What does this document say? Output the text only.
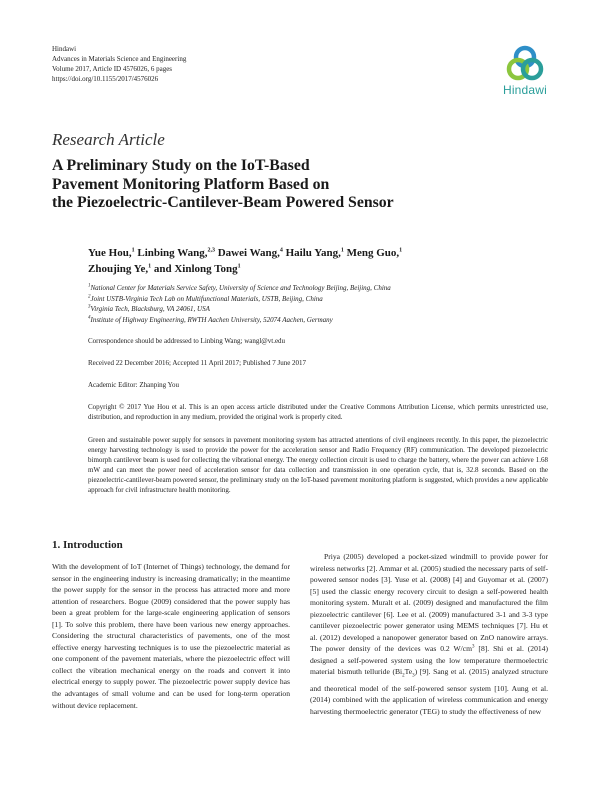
Hindawi
Advances in Materials Science and Engineering
Volume 2017, Article ID 4576026, 6 pages
https://doi.org/10.1155/2017/4576026
Hindawi
Research Article
A Preliminary Study on the IoT-Based
Pavement Monitoring Platform Based on
the Piezoelectric-Cantilever-Beam Powered Sensor
Yue Hou,$^1$ Linbing Wang,$^{2,3}$ Dawei Wang,$^4$ Hailu Yang,$^1$ Meng Guo,$^1$
Zhoujing Ye,$^1$ and Xinlong Tong$^1$
$^1$National Center for Materials Service Safety, University of Science and Technology Beijing, Beijing, China
$^2$Joint USTB-Virginia Tech Lab on Multifunctional Materials, USTB, Beijing, China
$^3$Virginia Tech, Blacksburg, VA 24061, USA
$^4$Institute of Highway Engineering, RWTH Aachen University, 52074 Aachen, Germany
Correspondence should be addressed to Linbing Wang; wangl@vt.edu
Received 22 December 2016; Accepted 11 April 2017; Published 7 June 2017
Academic Editor: Zhanping You

Copyright © 2017 Yue Hou et al. This is an open access article distributed under the Creative Commons Attribution License, which permits unrestricted use, distribution, and reproduction in any medium, provided the original work is properly cited.

Green and sustainable power supply for sensors in pavement monitoring system has attracted attentions of civil engineers recently. In this paper, the piezoelectric energy harvesting technology is used to provide the power for the acceleration sensor and Radio Frequency (RF) communication. The developed piezoelectric bimorph cantilever beam is used for collecting the vibrational energy. The energy collection circuit is used to charge the battery, where the power can achieve 1.68 mW and can meet the power need of acceleration sensor for data collection and transmission in one operation cycle, that is, 32.8 seconds. Based on the piezoelectric-cantilever-beam powered sensor, the preliminary study on the IoT-based pavement monitoring platform is suggested, which provides a new applicable approach for civil infrastructure health monitoring.

1. Introduction

With the development of IoT (Internet of Things) technology, the demand for sensor in the engineering industry is increasing dramatically; in the meantime the power supply for the sensor in the process has attracted more and more attention of researchers. Bogue (2009) considered that the power supply has been a great problem for the large-scale engineering application of sensors [1]. To solve this problem, there have been various new energy approaches. Considering the structural characteristics of pavements, one of the most effective energy harvesting techniques is to use the piezoelectric material as one component of the pavement materials, where the piezoelectric effect will collect the vibration mechanical energy on the roads and convert it into electrical energy to supply power. The piezoelectric power supply device has the advantages of small volume and can be used for long-term operation without device replacement.

Priya (2005) developed a pocket-sized windmill to provide power for wireless networks [2]. Ammar et al. (2005) studied the necessary parts of self-powered sensor nodes [3]. Yuse et al. (2008) [4] and Guyomar et al. (2007) [5] used the classic energy recovery circuit to design a self-powered health monitoring system. Muralt et al. (2009) designed and manufactured the film piezoelectric cantilever [6]. Lee et al. (2009) manufactured 3-1 and 3-3 type cantilever piezoelectric power generator using MEMS techniques [7]. Hu et al. (2012) developed a nanopower generator based on ZnO nanowire arrays. The power density of the devices was 0.2 $W/cm^3$ [8]. Shi et al. (2014) designed a self-powered system using the low temperature thermoelectric material bismuth telluride $(Bi_2Te_3)$ [9]. Sang et al. (2015) analyzed structure and theoretical model of the self-powered sensor system [10]. Aung et al. (2014) combined with the application of wireless communication and energy harvesting thermoelectric generator (TEG) to study the effectiveness of new
